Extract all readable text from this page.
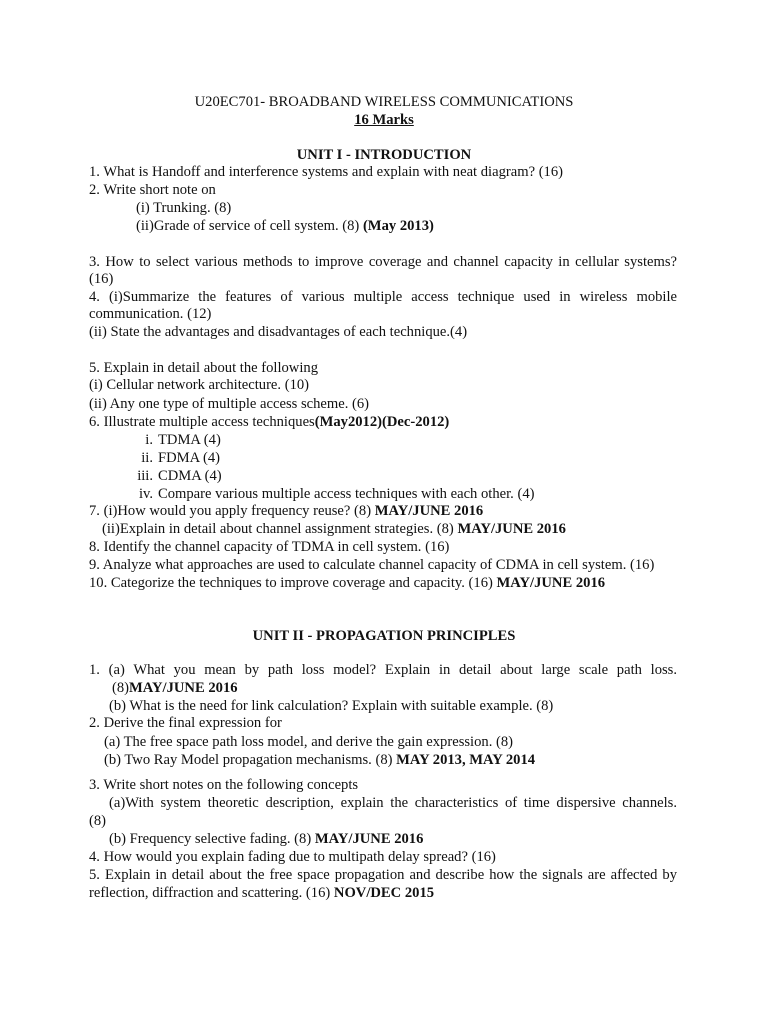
U20EC701- BROADBAND WIRELESS COMMUNICATIONS
16 Marks
UNIT I - INTRODUCTION
1. What is Handoff and interference systems and explain with neat diagram? (16)
2. Write short note on
(i) Trunking. (8)
(ii)Grade of service of cell system. (8) (May 2013)
3. How to select various methods to improve coverage and channel capacity in cellular systems?
(16)
4. (i)Summarize the features of various multiple access technique used in wireless mobile
communication. (12)
(ii) State the advantages and disadvantages of each technique.(4)
5. Explain in detail about the following
(i) Cellular network architecture. (10)
(ii) Any one type of multiple access scheme. (6)
6. Illustrate multiple access techniques(May2012)(Dec-2012)
i. TDMA (4)
ii. FDMA (4)
iii. CDMA (4)
iv. Compare various multiple access techniques with each other. (4)
7. (i)How would you apply frequency reuse? (8) MAY/JUNE 2016
(ii)Explain in detail about channel assignment strategies. (8) MAY/JUNE 2016
8. Identify the channel capacity of TDMA in cell system. (16)
9. Analyze what approaches are used to calculate channel capacity of CDMA in cell system. (16)
10. Categorize the techniques to improve coverage and capacity. (16) MAY/JUNE 2016
UNIT II - PROPAGATION PRINCIPLES
1. (a) What you mean by path loss model? Explain in detail about large scale path loss.
(8)MAY/JUNE 2016
(b) What is the need for link calculation? Explain with suitable example. (8)
2. Derive the final expression for
(a) The free space path loss model, and derive the gain expression. (8)
(b) Two Ray Model propagation mechanisms. (8) MAY 2013, MAY 2014
3. Write short notes on the following concepts
(a)With system theoretic description, explain the characteristics of time dispersive channels.
(8)
(b) Frequency selective fading. (8) MAY/JUNE 2016
4. How would you explain fading due to multipath delay spread? (16)
5. Explain in detail about the free space propagation and describe how the signals are affected by
reflection, diffraction and scattering. (16) NOV/DEC 2015
